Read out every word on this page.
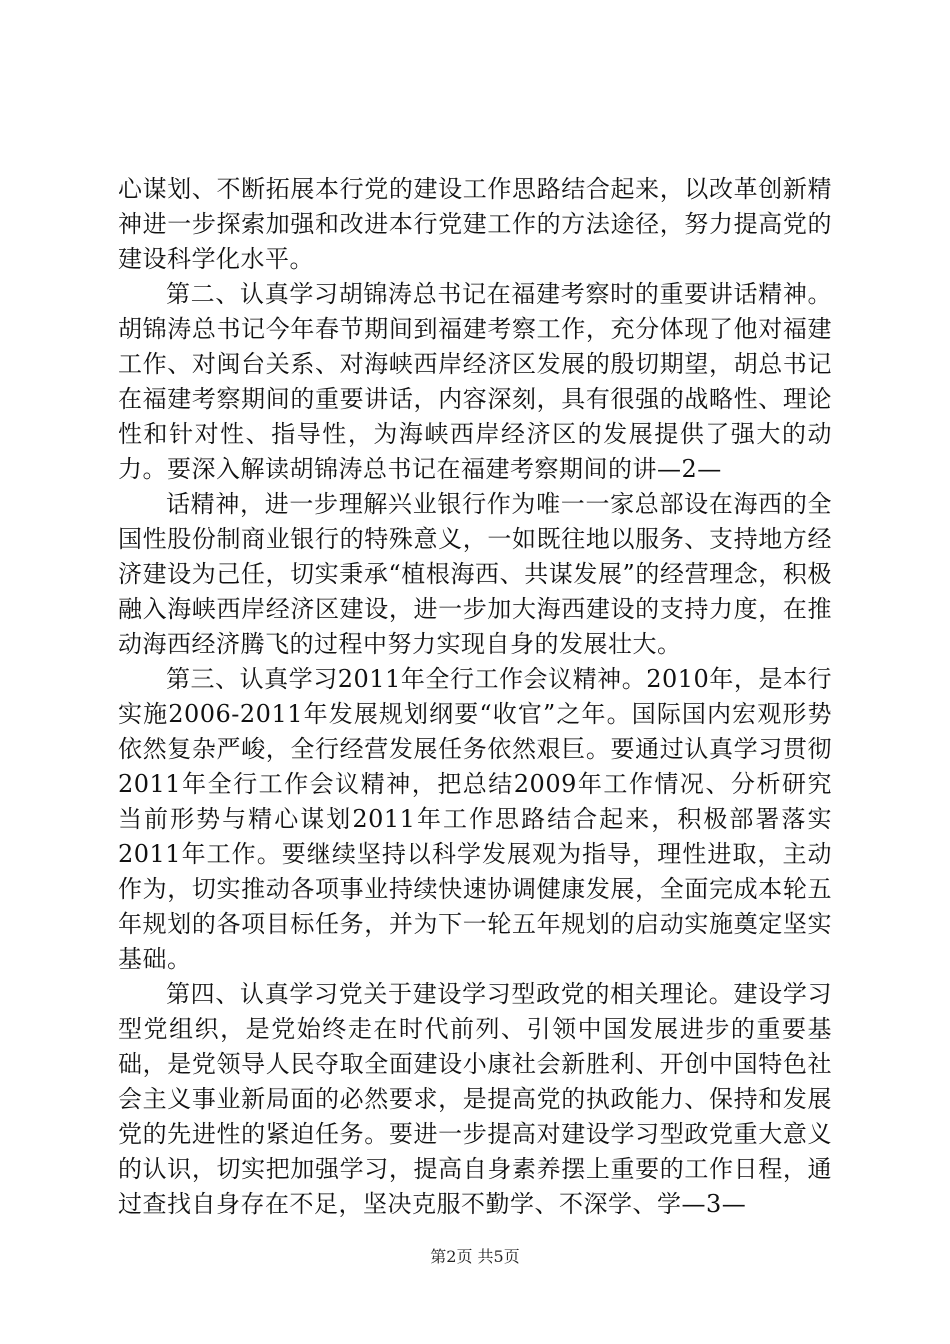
心谋划、不断拓展本行党的建设工作思路结合起来，以改革创新精神进一步探索加强和改进本行党建工作的方法途径，努力提高党的建设科学化水平。

第二、认真学习胡锦涛总书记在福建考察时的重要讲话精神。胡锦涛总书记今年春节期间到福建考察工作，充分体现了他对福建工作、对闽台关系、对海峡西岸经济区发展的殷切期望，胡总书记在福建考察期间的重要讲话，内容深刻，具有很强的战略性、理论性和针对性、指导性，为海峡西岸经济区的发展提供了强大的动力。要深入解读胡锦涛总书记在福建考察期间的讲—2—

话精神，进一步理解兴业银行作为唯一一家总部设在海西的全国性股份制商业银行的特殊意义，一如既往地以服务、支持地方经济建设为己任，切实秉承“植根海西、共谋发展”的经营理念，积极融入海峡西岸经济区建设，进一步加大海西建设的支持力度，在推动海西经济腾飞的过程中努力实现自身的发展壮大。

第三、认真学习2011年全行工作会议精神。2010年，是本行实施2006-2011年发展规划纲要“收官”之年。国际国内宏观形势依然复杂严峻，全行经营发展任务依然艰巨。要通过认真学习贯彻2011年全行工作会议精神，把总结2009年工作情况、分析研究当前形势与精心谋划2011年工作思路结合起来，积极部署落实2011年工作。要继续坚持以科学发展观为指导，理性进取，主动作为，切实推动各项事业持续快速协调健康发展，全面完成本轮五年规划的各项目标任务，并为下一轮五年规划的启动实施奠定坚实基础。

第四、认真学习党关于建设学习型政党的相关理论。建设学习型党组织，是党始终走在时代前列、引领中国发展进步的重要基础，是党领导人民夺取全面建设小康社会新胜利、开创中国特色社会主义事业新局面的必然要求，是提高党的执政能力、保持和发展党的先进性的紧迫任务。要进一步提高对建设学习型政党重大意义的认识，切实把加强学习，提高自身素养摆上重要的工作日程，通过查找自身存在不足，坚决克服不勤学、不深学、学—3—

第2页 共5页
